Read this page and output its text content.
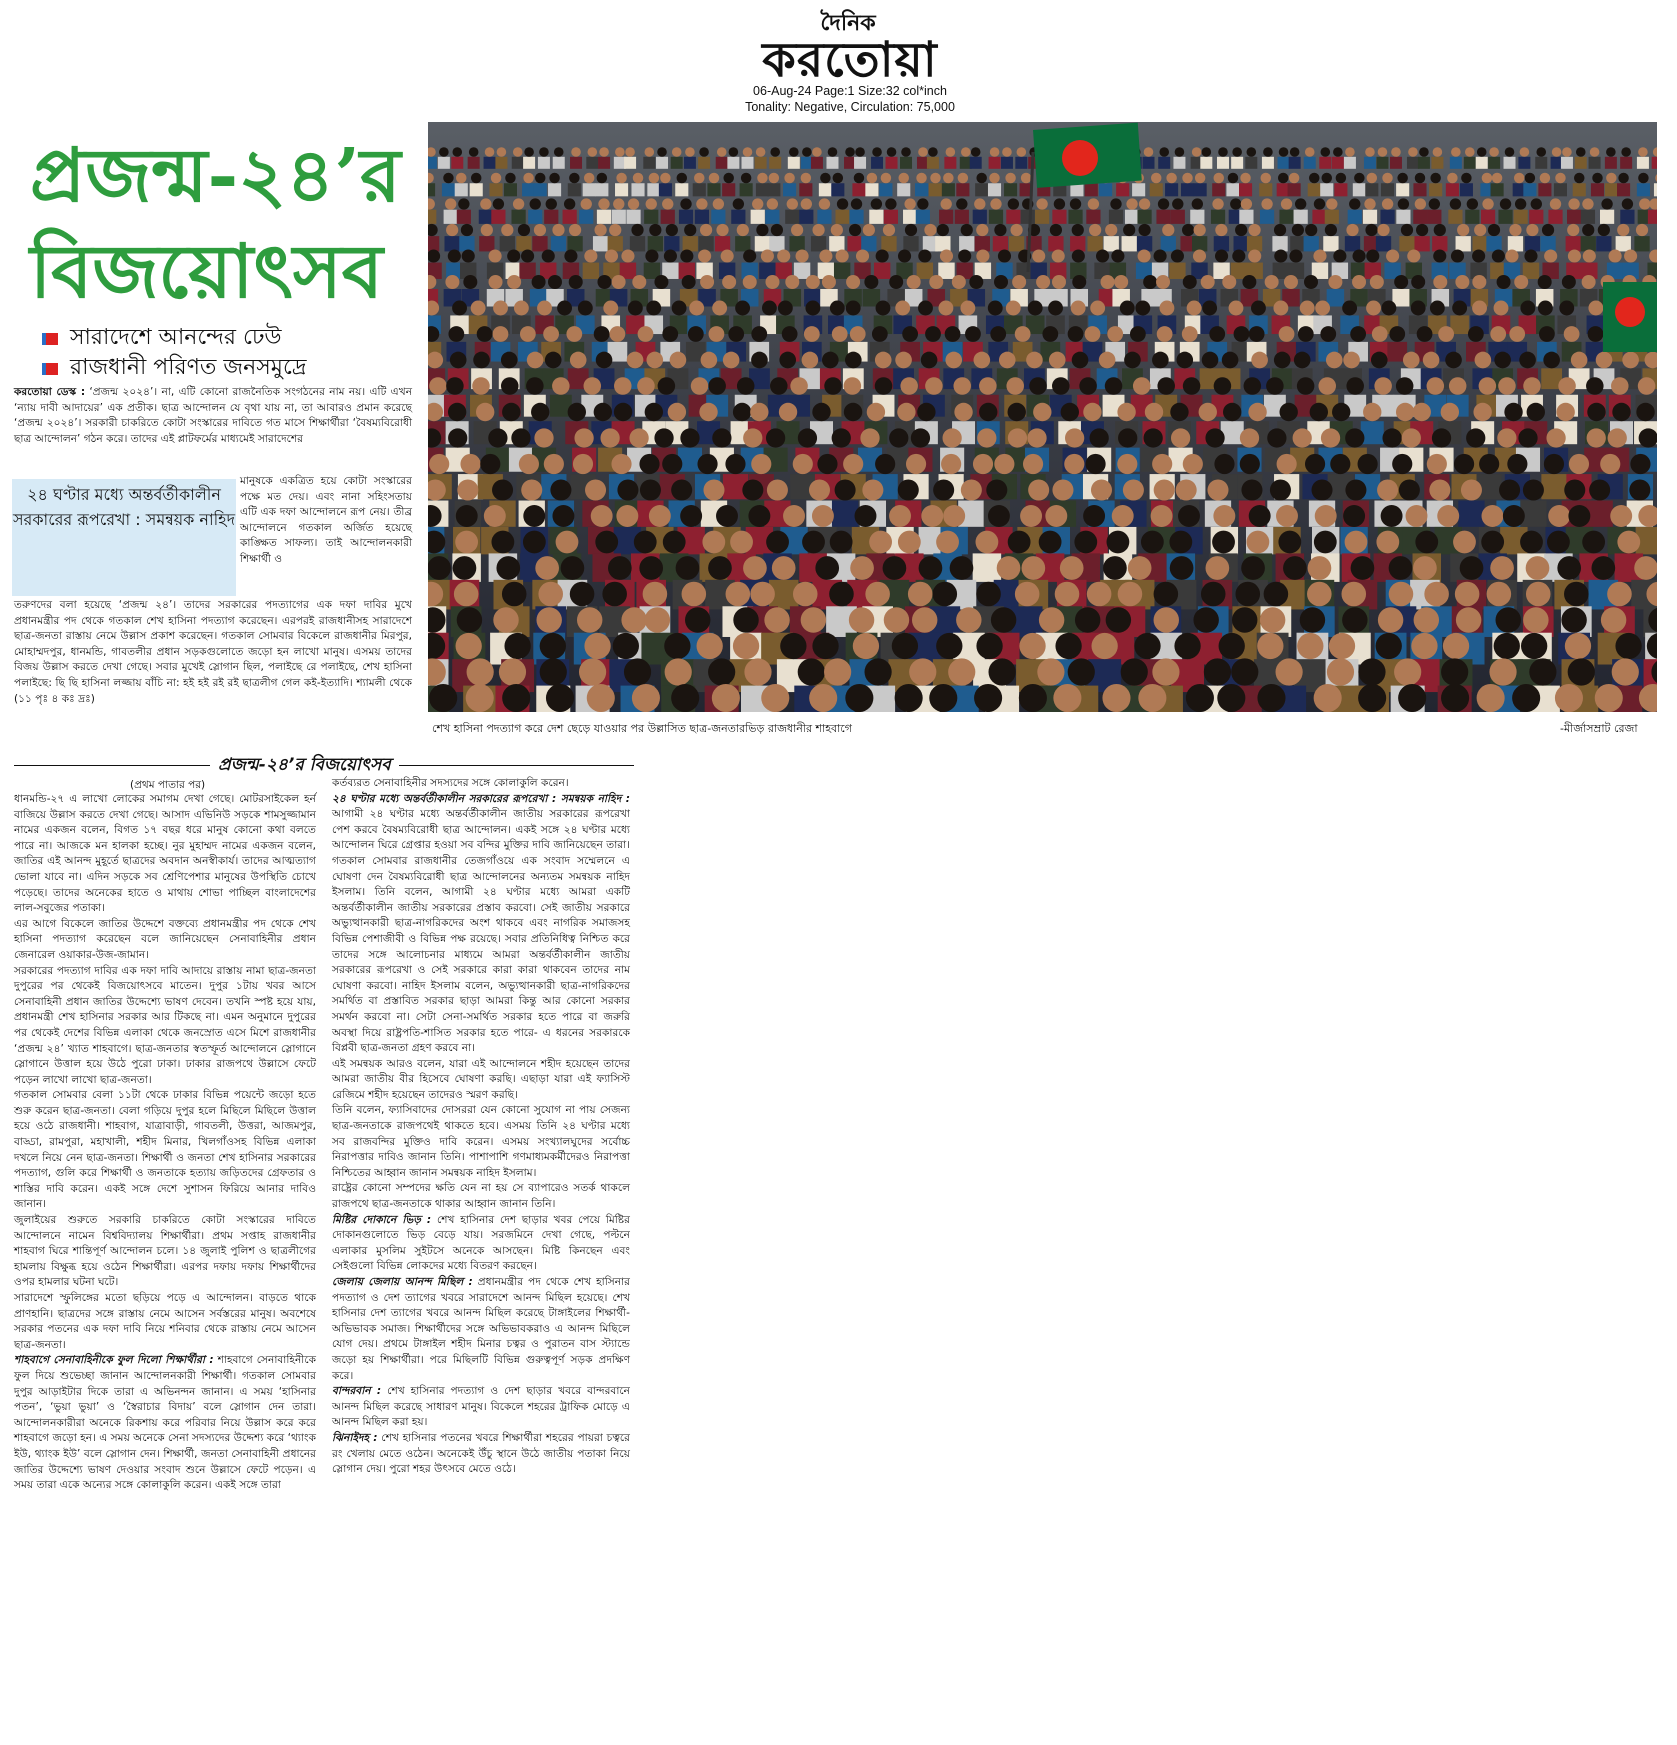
দৈনিক
করতোয়া
06-Aug-24 Page:1 Size:32 col*inch
Tonality: Negative, Circulation: 75,000
প্রজন্ম-২৪’র
বিজয়োৎসব
সারাদেশে আনন্দের ঢেউ
রাজধানী পরিণত জনসমুদ্রে
করতোয়া ডেস্ক : ‘প্রজন্ম ২০২৪’। না, এটি কোনো রাজনৈতিক সংগঠনের নাম নয়। এটি এখন ‘ন্যায় দাবী আদায়ের’ এক প্রতীক। ছাত্র আন্দোলন যে বৃথা যায় না, তা আবারও প্রমান করেছে ‘প্রজন্ম ২০২৪’। সরকারী চাকরিতে কোটা সংস্কারের দাবিতে গত মাসে শিক্ষার্থীরা ‘বৈষম্যবিরোধী ছাত্র আন্দোলন’ গঠন করে। তাদের এই প্লাটফর্মের মাধ্যমেই সারাদেশের
২৪ ঘণ্টার মধ্যে অন্তর্বর্তীকালীন সরকারের রূপরেখা : সমন্বয়ক নাহিদ
মানুষকে একত্রিত হয়ে কোটা সংস্কারের পক্ষে মত দেয়। এবং নানা সহিংসতায় এটি এক দফা আন্দোলনে রূপ নেয়। তীব্র আন্দোলনে গতকাল অর্জিত হয়েছে কাঙ্ক্ষিত সাফল্য। তাই আন্দোলনকারী শিক্ষার্থী ও
তরুণদের বলা হয়েছে ‘প্রজন্ম ২৪’। তাদের সরকারের পদত্যাগের এক দফা দাবির মুখে প্রধানমন্ত্রীর পদ থেকে গতকাল শেখ হাসিনা পদত্যাগ করেছেন। এরপরই রাজধানীসহ সারাদেশে ছাত্র-জনতা রাস্তায় নেমে উল্লাস প্রকাশ করেছেন। গতকাল সোমবার বিকেলে রাজধানীর মিরপুর, মোহাম্মদপুর, ধানমন্ডি, গাবতলীর প্রধান সড়কগুলোতে জড়ো হন লাখো মানুষ। এসময় তাদের বিজয় উল্লাস করতে দেখা গেছে। সবার মুখেই স্লোগান ছিল, পলাইছে রে পলাইছে, শেখ হাসিনা পলাইছে: ছি ছি হাসিনা লজ্জায় বাঁচি না: হই হই রই রই ছাত্রলীগ গেল কই-ইত্যাদি। শ্যামলী থেকে (১১ পৃঃ ৪ কঃ দ্রঃ)
শেখ হাসিনা পদত্যাগ করে দেশ ছেড়ে যাওয়ার পর উল্লাসিত ছাত্র-জনতারভিড় রাজধানীর শাহবাগে	-মীর্জাসম্রাট রেজা
প্রজন্ম-২৪’র বিজয়োৎসব
(প্রথম পাতার পর)
ধানমন্ডি-২৭ এ লাখো লোকের সমাগম দেখা গেছে। মোটরসাইকেল হর্ন বাজিয়ে উল্লাস করতে দেখা গেছে। আসাদ এভিনিউ সড়কে শামসুজ্জামান নামের একজন বলেন, বিগত ১৭ বছর ধরে মানুষ কোনো কথা বলতে পারে না। আজকে মন হালকা হচ্ছে। নুর মুহাম্মদ নামের একজন বলেন, জাতির এই আনন্দ মুহূর্তে ছাত্রদের অবদান অনস্বীকার্য। তাদের আত্মত্যাগ ভোলা যাবে না। এদিন সড়কে সব শ্রেণিপেশার মানুষের উপস্থিতি চোখে পড়েছে। তাদের অনেকের হাতে ও মাথায় শোভা পাচ্ছিল বাংলাদেশের লাল-সবুজের পতাকা।
এর আগে বিকেলে জাতির উদ্দেশে বক্তব্যে প্রধানমন্ত্রীর পদ থেকে শেখ হাসিনা পদত্যাগ করেছেন বলে জানিয়েছেন সেনাবাহিনীর প্রধান জেনারেল ওয়াকার-উজ-জামান।
সরকারের পদত্যাগ দাবির এক দফা দাবি আদায়ে রাস্তায় নামা ছাত্র-জনতা দুপুরের পর থেকেই বিজয়োৎসবে মাতেন। দুপুর ১টায় খবর আসে সেনাবাহিনী প্রধান জাতির উদ্দেশ্যে ভাষণ দেবেন। তখনি স্পষ্ট হয়ে যায়, প্রধানমন্ত্রী শেখ হাসিনার সরকার আর টিকছে না। এমন অনুমানে দুপুরের পর থেকেই দেশের বিভিন্ন এলাকা থেকে জনস্রোত এসে মিশে রাজধানীর ‘প্রজন্ম ২৪’ খ্যাত শাহবাগে। ছাত্র-জনতার স্বতস্ফূর্ত আন্দোলনে স্লোগানে স্লোগানে উত্তাল হয়ে উঠে পুরো ঢাকা। ঢাকার রাজপথে উল্লাসে ফেটে পড়েন লাখো লাখো ছাত্র-জনতা।
গতকাল সোমবার বেলা ১১টা থেকে ঢাকার বিভিন্ন পয়েন্টে জড়ো হতে শুরু করেন ছাত্র-জনতা। বেলা গড়িয়ে দুপুর হলে মিছিলে মিছিলে উত্তাল হয়ে ওঠে রাজধানী। শাহবাগ, যাত্রাবাড়ী, গাবতলী, উত্তরা, আজমপুর, বাড্ডা, রামপুরা, মহাখালী, শহীদ মিনার, খিলগাঁওসহ বিভিন্ন এলাকা দখলে নিয়ে নেন ছাত্র-জনতা। শিক্ষার্থী ও জনতা শেখ হাসিনার সরকারের পদত্যাগ, গুলি করে শিক্ষার্থী ও জনতাকে হত্যায় জড়িতদের গ্রেফতার ও শাস্তির দাবি করেন। একই সঙ্গে দেশে সুশাসন ফিরিয়ে আনার দাবিও জানান।
জুলাইয়ের শুরুতে সরকারি চাকরিতে কোটা সংস্কারের দাবিতে আন্দোলনে নামেন বিশ্ববিদ্যালয় শিক্ষার্থীরা। প্রথম সপ্তাহ রাজধানীর শাহবাগ ঘিরে শান্তিপূর্ণ আন্দোলন চলে। ১৪ জুলাই পুলিশ ও ছাত্রলীগের হামলায় বিক্ষুব্ধ হয়ে ওঠেন শিক্ষার্থীরা। এরপর দফায় দফায় শিক্ষার্থীদের ওপর হামলার ঘটনা ঘটে।
সারাদেশে স্ফুলিঙ্গের মতো ছড়িয়ে পড়ে এ আন্দোলন। বাড়তে থাকে প্রাণহানি। ছাত্রদের সঙ্গে রাস্তায় নেমে আসেন সর্বস্তরের মানুষ। অবশেষে সরকার পতনের এক দফা দাবি নিয়ে শনিবার থেকে রাস্তায় নেমে আসেন ছাত্র-জনতা।
শাহবাগে সেনাবাহিনীকে ফুল দিলো শিক্ষার্থীরা : শাহবাগে সেনাবাহিনীকে ফুল দিয়ে শুভেচ্ছা জানান আন্দোলনকারী শিক্ষার্থী। গতকাল সোমবার দুপুর আড়াইটার দিকে তারা এ অভিনন্দন জানান। এ সময় ‘হাসিনার পতন’, ‘ভুয়া ভুয়া’ ও ‘স্বৈরাচার বিদায়’ বলে স্লোগান দেন তারা। আন্দোলনকারীরা অনেকে রিকশায় করে পরিবার নিয়ে উল্লাস করে করে শাহবাগে জড়ো হন। এ সময় অনেকে সেনা সদস্যদের উদ্দেশ্য করে ‘থ্যাংক ইউ, থ্যাংক ইউ’ বলে স্লোগান দেন। শিক্ষার্থী, জনতা সেনাবাহিনী প্রধানের জাতির উদ্দেশ্যে ভাষণ দেওয়ার সংবাদ শুনে উল্লাসে ফেটে পড়েন। এ সময় তারা একে অন্যের সঙ্গে কোলাকুলি করেন। একই সঙ্গে তারা
কর্তব্যরত সেনাবাহিনীর সদস্যদের সঙ্গে কোলাকুলি করেন।
২৪ ঘণ্টার মধ্যে অন্তর্বর্তীকালীন সরকারের রূপরেখা : সমন্বয়ক নাহিদ : আগামী ২৪ ঘণ্টার মধ্যে অন্তর্বর্তীকালীন জাতীয় সরকারের রূপরেখা পেশ করবে বৈষম্যবিরোধী ছাত্র আন্দোলন। একই সঙ্গে ২৪ ঘণ্টার মধ্যে আন্দোলন ঘিরে গ্রেপ্তার হওয়া সব বন্দির মুক্তির দাবি জানিয়েছেন তারা। গতকাল সোমবার রাজধানীর তেজগাঁওয়ে এক সংবাদ সম্মেলনে এ ঘোষণা দেন বৈষম্যবিরোধী ছাত্র আন্দোলনের অন্যতম সমন্বয়ক নাহিদ ইসলাম। তিনি বলেন, আগামী ২৪ ঘণ্টার মধ্যে আমরা একটি অন্তর্বর্তীকালীন জাতীয় সরকারের প্রস্তাব করবো। সেই জাতীয় সরকারে অভ্যুত্থানকারী ছাত্র-নাগরিকদের অংশ থাকবে এবং নাগরিক সমাজসহ বিভিন্ন পেশাজীবী ও বিভিন্ন পক্ষ রয়েছে। সবার প্রতিনিধিত্ব নিশ্চিত করে তাদের সঙ্গে আলোচনার মাধ্যমে আমরা অন্তর্বর্তীকালীন জাতীয় সরকারের রূপরেখা ও সেই সরকারে কারা কারা থাকবেন তাদের নাম ঘোষণা করবো। নাহিদ ইসলাম বলেন, অভ্যুত্থানকারী ছাত্র-নাগরিকদের সমর্থিত বা প্রস্তাবিত সরকার ছাড়া আমরা কিন্তু আর কোনো সরকার সমর্থন করবো না। সেটা সেনা-সমর্থিত সরকার হতে পারে বা জরুরি অবস্থা দিয়ে রাষ্ট্রপতি-শাসিত সরকার হতে পারে- এ ধরনের সরকারকে বিপ্লবী ছাত্র-জনতা গ্রহণ করবে না।
এই সমন্বয়ক আরও বলেন, যারা এই আন্দোলনে শহীদ হয়েছেন তাদের আমরা জাতীয় বীর হিসেবে ঘোষণা করছি। এছাড়া যারা এই ফ্যাসিস্ট রেজিমে শহীদ হয়েছেন তাদেরও স্মরণ করছি।
তিনি বলেন, ফ্যাসিবাদের দোসররা যেন কোনো সুযোগ না পায় সেজন্য ছাত্র-জনতাকে রাজপথেই থাকতে হবে। এসময় তিনি ২৪ ঘণ্টার মধ্যে সব রাজবন্দির মুক্তিও দাবি করেন। এসময় সংখ্যালঘুদের সর্বোচ্চ নিরাপত্তার দাবিও জানান তিনি। পাশাপাশি গণমাধ্যমকর্মীদেরও নিরাপত্তা নিশ্চিতের আহ্বান জানান সমন্বয়ক নাহিদ ইসলাম।
রাষ্ট্রের কোনো সম্পদের ক্ষতি যেন না হয় সে ব্যাপারেও সতর্ক থাকলে রাজপথে ছাত্র-জনতাকে থাকার আহ্বান জানান তিনি।
মিষ্টির দোকানে ভিড় : শেখ হাসিনার দেশ ছাড়ার খবর পেয়ে মিষ্টির দোকানগুলোতে ভিড় বেড়ে যায়। সরজমিনে দেখা গেছে, পল্টনে এলাকার মুসলিম সুইটসে অনেকে আসছেন। মিষ্টি কিনছেন এবং সেইগুলো বিভিন্ন লোকদের মধ্যে বিতরণ করছেন।
জেলায় জেলায় আনন্দ মিছিল : প্রধানমন্ত্রীর পদ থেকে শেখ হাসিনার পদত্যাগ ও দেশ ত্যাগের খবরে সারাদেশে আনন্দ মিছিল হয়েছে। শেখ হাসিনার দেশ ত্যাগের খবরে আনন্দ মিছিল করেছে টাঙ্গাইলের শিক্ষার্থী-অভিভাবক সমাজ। শিক্ষার্থীদের সঙ্গে অভিভাবকরাও এ আনন্দ মিছিলে যোগ দেয়। প্রথমে টাঙ্গাইল শহীদ মিনার চত্বর ও পুরাতন বাস স্ট্যান্ডে জড়ো হয় শিক্ষার্থীরা। পরে মিছিলটি বিভিন্ন গুরুত্বপূর্ণ সড়ক প্রদক্ষিণ করে।
বান্দরবান : শেখ হাসিনার পদত্যাগ ও দেশ ছাড়ার খবরে বান্দরবানে আনন্দ মিছিল করেছে সাধারণ মানুষ। বিকেলে শহরের ট্রাফিক মোড়ে এ আনন্দ মিছিল করা হয়।
ঝিনাইদহ : শেখ হাসিনার পতনের খবরে শিক্ষার্থীরা শহরের পায়রা চত্বরে রং খেলায় মেতে ওঠেন। অনেকেই উঁচু স্থানে উঠে জাতীয় পতাকা নিয়ে স্লোগান দেয়। পুরো শহর উৎসবে মেতে ওঠে।
